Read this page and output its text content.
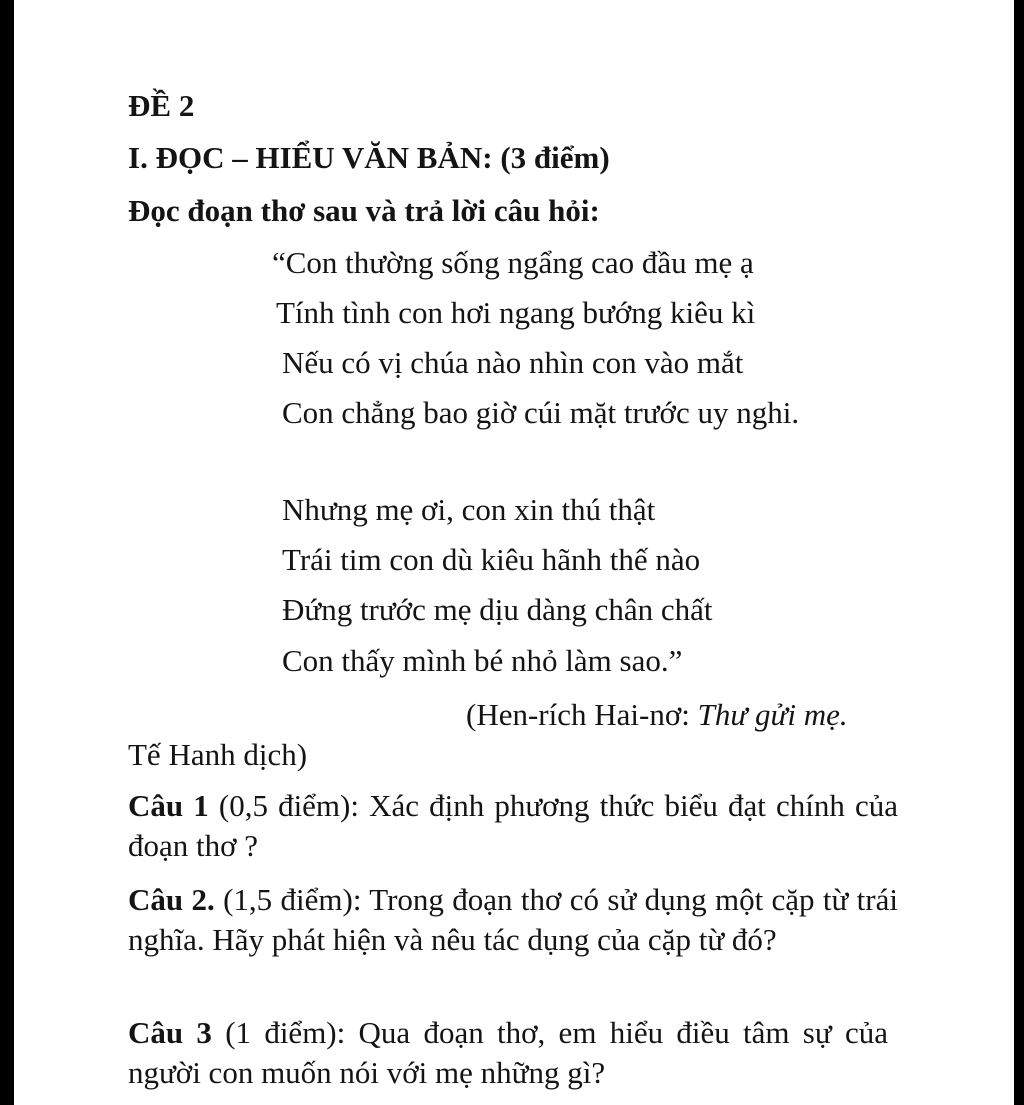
ĐỀ 2
I. ĐỌC – HIỂU VĂN BẢN: (3 điểm)
Đọc đoạn thơ sau và trả lời câu hỏi:
“Con thường sống ngẩng cao đầu mẹ ạ
Tính tình con hơi ngang bướng kiêu kì
Nếu có vị chúa nào nhìn con vào mắt
Con chẳng bao giờ cúi mặt trước uy nghi.
Nhưng mẹ ơi, con xin thú thật
Trái tim con dù kiêu hãnh thế nào
Đứng trước mẹ dịu dàng chân chất
Con thấy mình bé nhỏ làm sao.”
(Hen-rích Hai-nơ: Thư gửi mẹ.
Tế Hanh dịch)
Câu 1 (0,5 điểm): Xác định phương thức biểu đạt chính của đoạn thơ ?
Câu 2. (1,5 điểm): Trong đoạn thơ có sử dụng một cặp từ trái nghĩa. Hãy phát hiện và nêu tác dụng của cặp từ đó?
Câu 3 (1 điểm): Qua đoạn thơ, em hiểu điều tâm sự của người con muốn nói với mẹ những gì?
